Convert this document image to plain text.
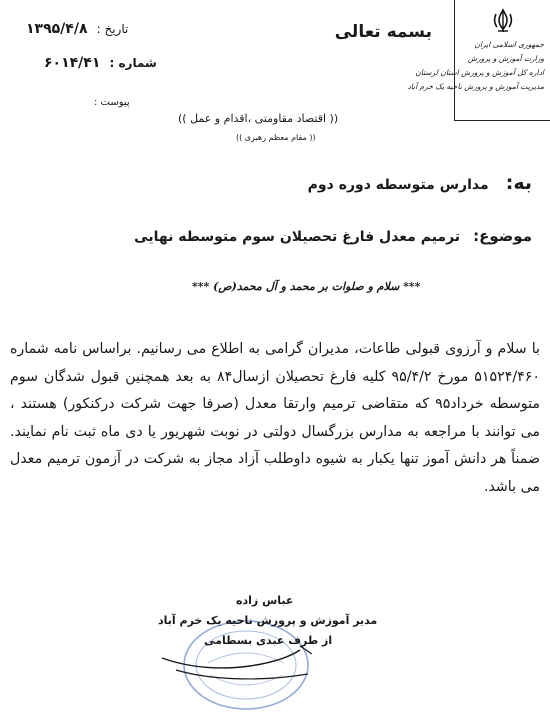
جمهوری اسلامی ایران
وزارت آموزش و پرورش
اداره کل آموزش و پرورش استان لرستان
مدیریت آموزش و پرورش ناحیه یک خرم آباد
بسمه تعالی
تاریخ : ۱۳۹۵/۴/۸
شماره : ۶۰۱۴/۴۱
پیوست :
(( اقتصاد مقاومتی ،اقدام و عمل ))
(( مقام معظم رهبری ))
به: مدارس متوسطه دوره دوم
موضوع: ترمیم معدل فارغ تحصیلان سوم متوسطه نهایی
*** سلام و صلوات بر محمد و آل محمد(ص) ***
با سلام و آرزوی قبولی طاعات، مدیران گرامی به اطلاع می رسانیم. براساس نامه شماره ۵۱۵۲۴/۴۶۰ مورخ ۹۵/۴/۲ کلیه فارغ تحصیلان ازسال۸۴ به بعد همچنین قبول شدگان سوم متوسطه خرداد۹۵ که متقاضی ترمیم وارتقا معدل (صرفا جهت شرکت درکنکور) هستند ، می توانند با مراجعه به مدارس بزرگسال دولتی در نوبت شهریور یا دی ماه ثبت نام نمایند. ضمناً هر دانش آموز تنها یکبار به شیوه داوطلب آزاد مجاز به شرکت در آزمون ترمیم معدل می باشد.
عباس زاده
مدیر آموزش و پرورش ناحیه یک خرم آباد
از طرف عبدی بسطامی
